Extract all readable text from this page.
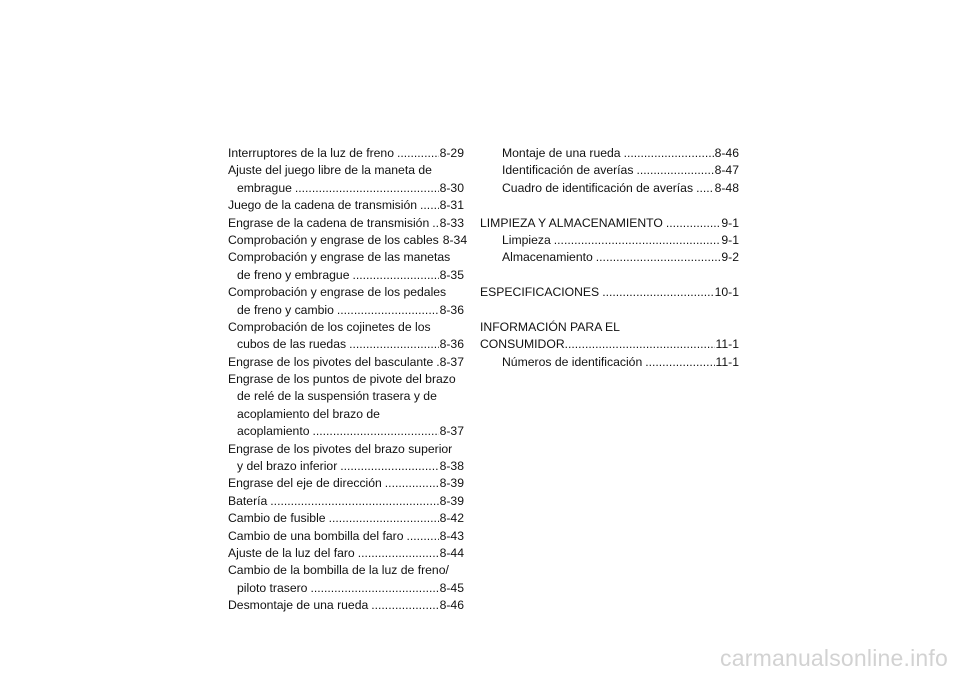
Interruptores de la luz de freno .....	8-29
Ajuste del juego libre de la maneta de
embrague .....	8-30
Juego de la cadena de transmisión ..... 8-31
Engrase de la cadena de transmisión ..... 8-33
Comprobación y engrase de los cables 8-34
Comprobación y engrase de las manetas
de freno y embrague .....	8-35
Comprobación y engrase de los pedales
de freno y cambio .....	8-36
Comprobación de los cojinetes de los
cubos de las ruedas .....	8-36
Engrase de los pivotes del basculante ..... 8-37
Engrase de los puntos de pivote del brazo
de relé de la suspensión trasera y de
acoplamiento del brazo de
acoplamiento .....	8-37
Engrase de los pivotes del brazo superior
y del brazo inferior .....	8-38
Engrase del eje de dirección .....	8-39
Batería .....	8-39
Cambio de fusible .....	8-42
Cambio de una bombilla del faro .....	8-43
Ajuste de la luz del faro .....	8-44
Cambio de la bombilla de la luz de freno/
piloto trasero .....	8-45
Desmontaje de una rueda .....	8-46
Montaje de una rueda .....	8-46
Identificación de averías .....	8-47
Cuadro de identificación de averías ..... 8-48
LIMPIEZA Y ALMACENAMIENTO .....	9-1
Limpieza .....	9-1
Almacenamiento .....	9-2
ESPECIFICACIONES .....	10-1
INFORMACIÓN PARA EL
CONSUMIDOR .....	11-1
Números de identificación .....	11-1
carmanualsonline.info
